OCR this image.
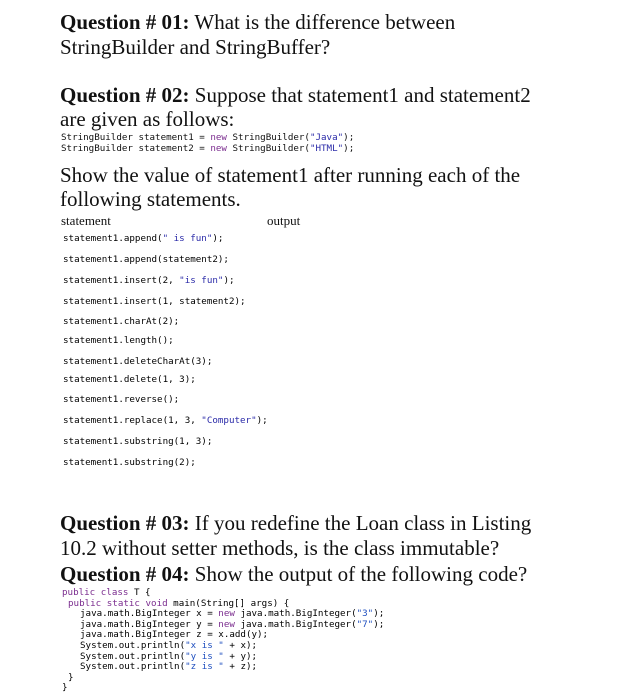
Question # 01: What is the difference between
StringBuilder and StringBuffer?
Question # 02: Suppose that statement1 and statement2
are given as follows:
StringBuilder statement1 = new StringBuilder("Java");
StringBuilder statement2 = new StringBuilder("HTML");
Show the value of statement1 after running each of the
following statements.
statement	output
statement1.append(" is fun");
statement1.append(statement2);
statement1.insert(2, "is fun");
statement1.insert(1, statement2);
statement1.charAt(2);
statement1.length();
statement1.deleteCharAt(3);
statement1.delete(1, 3);
statement1.reverse();
statement1.replace(1, 3, "Computer");
statement1.substring(1, 3);
statement1.substring(2);
Question # 03: If you redefine the Loan class in Listing
10.2 without setter methods, is the class immutable?
Question # 04: Show the output of the following code?
public class T {
public static void main(String[] args) {
java.math.BigInteger x = new java.math.BigInteger("3");
java.math.BigInteger y = new java.math.BigInteger("7");
java.math.BigInteger z = x.add(y);
System.out.println("x is " + x);
System.out.println("y is " + y);
System.out.println("z is " + z);
}
}
